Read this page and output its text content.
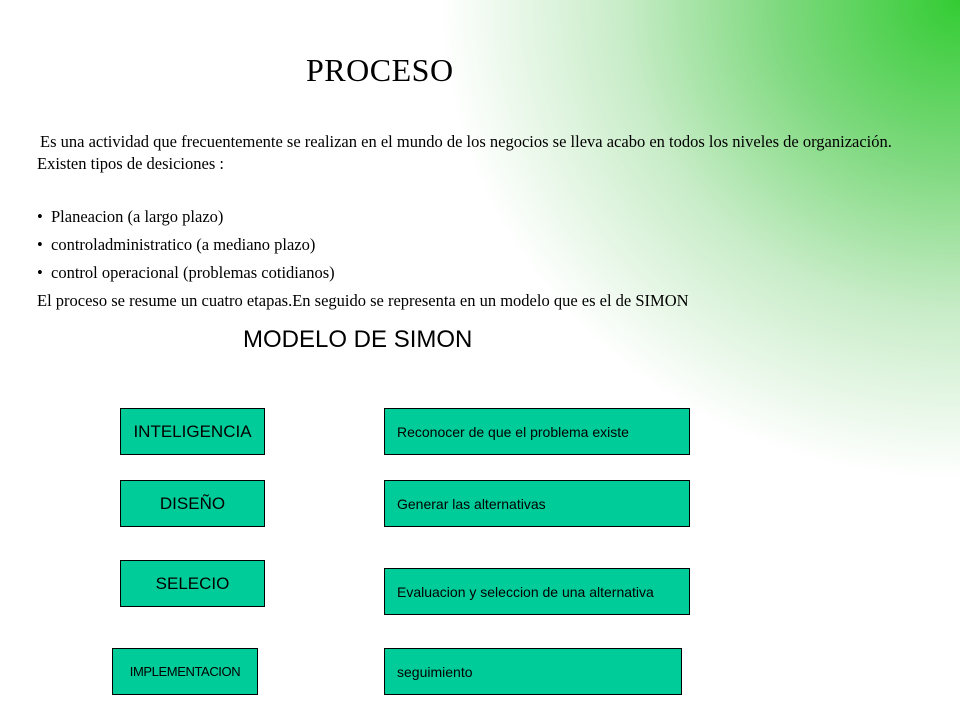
PROCESO
Es una actividad que frecuentemente se realizan en el mundo de los negocios se lleva acabo en todos los niveles de organización. Existen tipos de desiciones :
• Planeacion (a largo plazo)
• controladministratico (a mediano plazo)
• control operacional (problemas cotidianos)
El proceso se resume un cuatro etapas.En seguido se representa en un modelo que es el de SIMON
MODELO DE SIMON
INTELIGENCIA	Reconocer de que el problema existe
DISEÑO	Generar las alternativas
SELECIO	Evaluacion y seleccion de una alternativa
IMPLEMENTACION	seguimiento
